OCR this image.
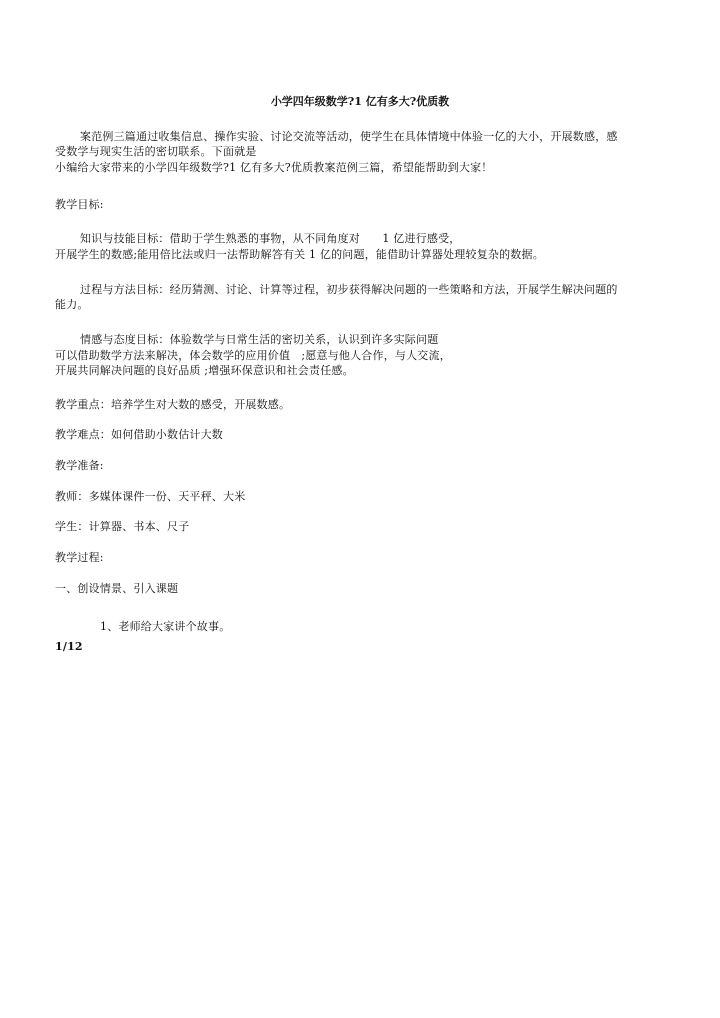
小学四年级数学?1 亿有多大?优质教
案范例三篇通过收集信息、操作实验、讨论交流等活动，使学生在具体情境中体验一亿的大小，开展数感，感
受数学与现实生活的密切联系。下面就是
小编给大家带来的小学四年级数学?1 亿有多大?优质教案范例三篇，希望能帮助到大家！
教学目标:
知识与技能目标：借助于学生熟悉的事物，从不同角度对　　1 亿进行感受，
开展学生的数感;能用倍比法或归一法帮助解答有关 1 亿的问题，能借助计算器处理较复杂的数据。
过程与方法目标：经历猜测、讨论、计算等过程，初步获得解决问题的一些策略和方法，开展学生解决问题的
能力。
情感与态度目标：体验数学与日常生活的密切关系，认识到许多实际问题
可以借助数学方法来解决，体会数学的应用价值　;愿意与他人合作，与人交流，
开展共同解决问题的良好品质 ;增强环保意识和社会责任感。
教学重点：培养学生对大数的感受，开展数感。
教学难点：如何借助小数估计大数
教学准备:
教师：多媒体课件一份、天平秤、大米
学生：计算器、书本、尺子
教学过程:
一、创设情景、引入课题
1、老师给大家讲个故事。
1/12
